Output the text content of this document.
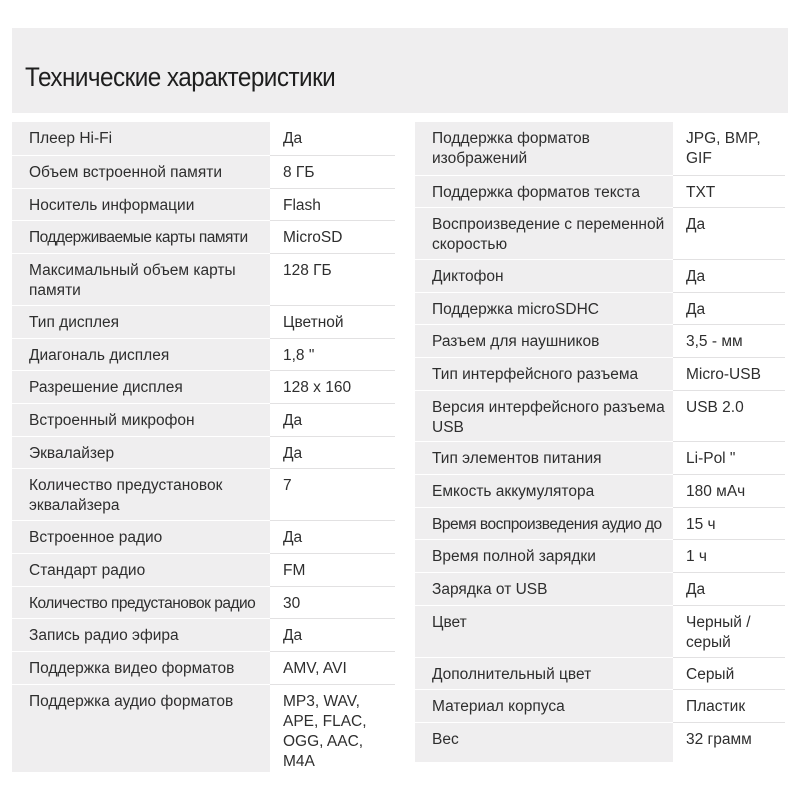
Технические характеристики
Плеер Hi-Fi	Да

Объем встроенной памяти	8 ГБ

Носитель информации	Flash

Поддерживаемые карты памяти	MicroSD

Максимальный объем карты памяти	128 ГБ

Тип дисплея	Цветной

Диагональ дисплея	1,8 "

Разрешение дисплея	128 x 160

Встроенный микрофон	Да

Эквалайзер	Да

Количество предустановок эквалайзера	7

Встроенное радио	Да

Стандарт радио	FM

Количество предустановок радио	30

Запись радио эфира	Да

Поддержка видео форматов	AMV, AVI

Поддержка аудио форматов	MP3, WAV, APE, FLAC, OGG, AAC, M4A
Поддержка форматов изображений	JPG, BMP, GIF

Поддержка форматов текста	TXT

Воспроизведение с переменной скоростью	Да

Диктофон	Да

Поддержка microSDHC	Да

Разъем для наушников	3,5 - мм

Тип интерфейсного разъема	Micro-USB

Версия интерфейсного разъема USB	USB 2.0

Тип элементов питания	Li-Pol "

Емкость аккумулятора	180 мАч

Время воспроизведения аудио до	15 ч

Время полной зарядки	1 ч

Зарядка от USB	Да

Цвет	Черный / серый

Дополнительный цвет	Серый

Материал корпуса	Пластик

Вес	32 грамм
